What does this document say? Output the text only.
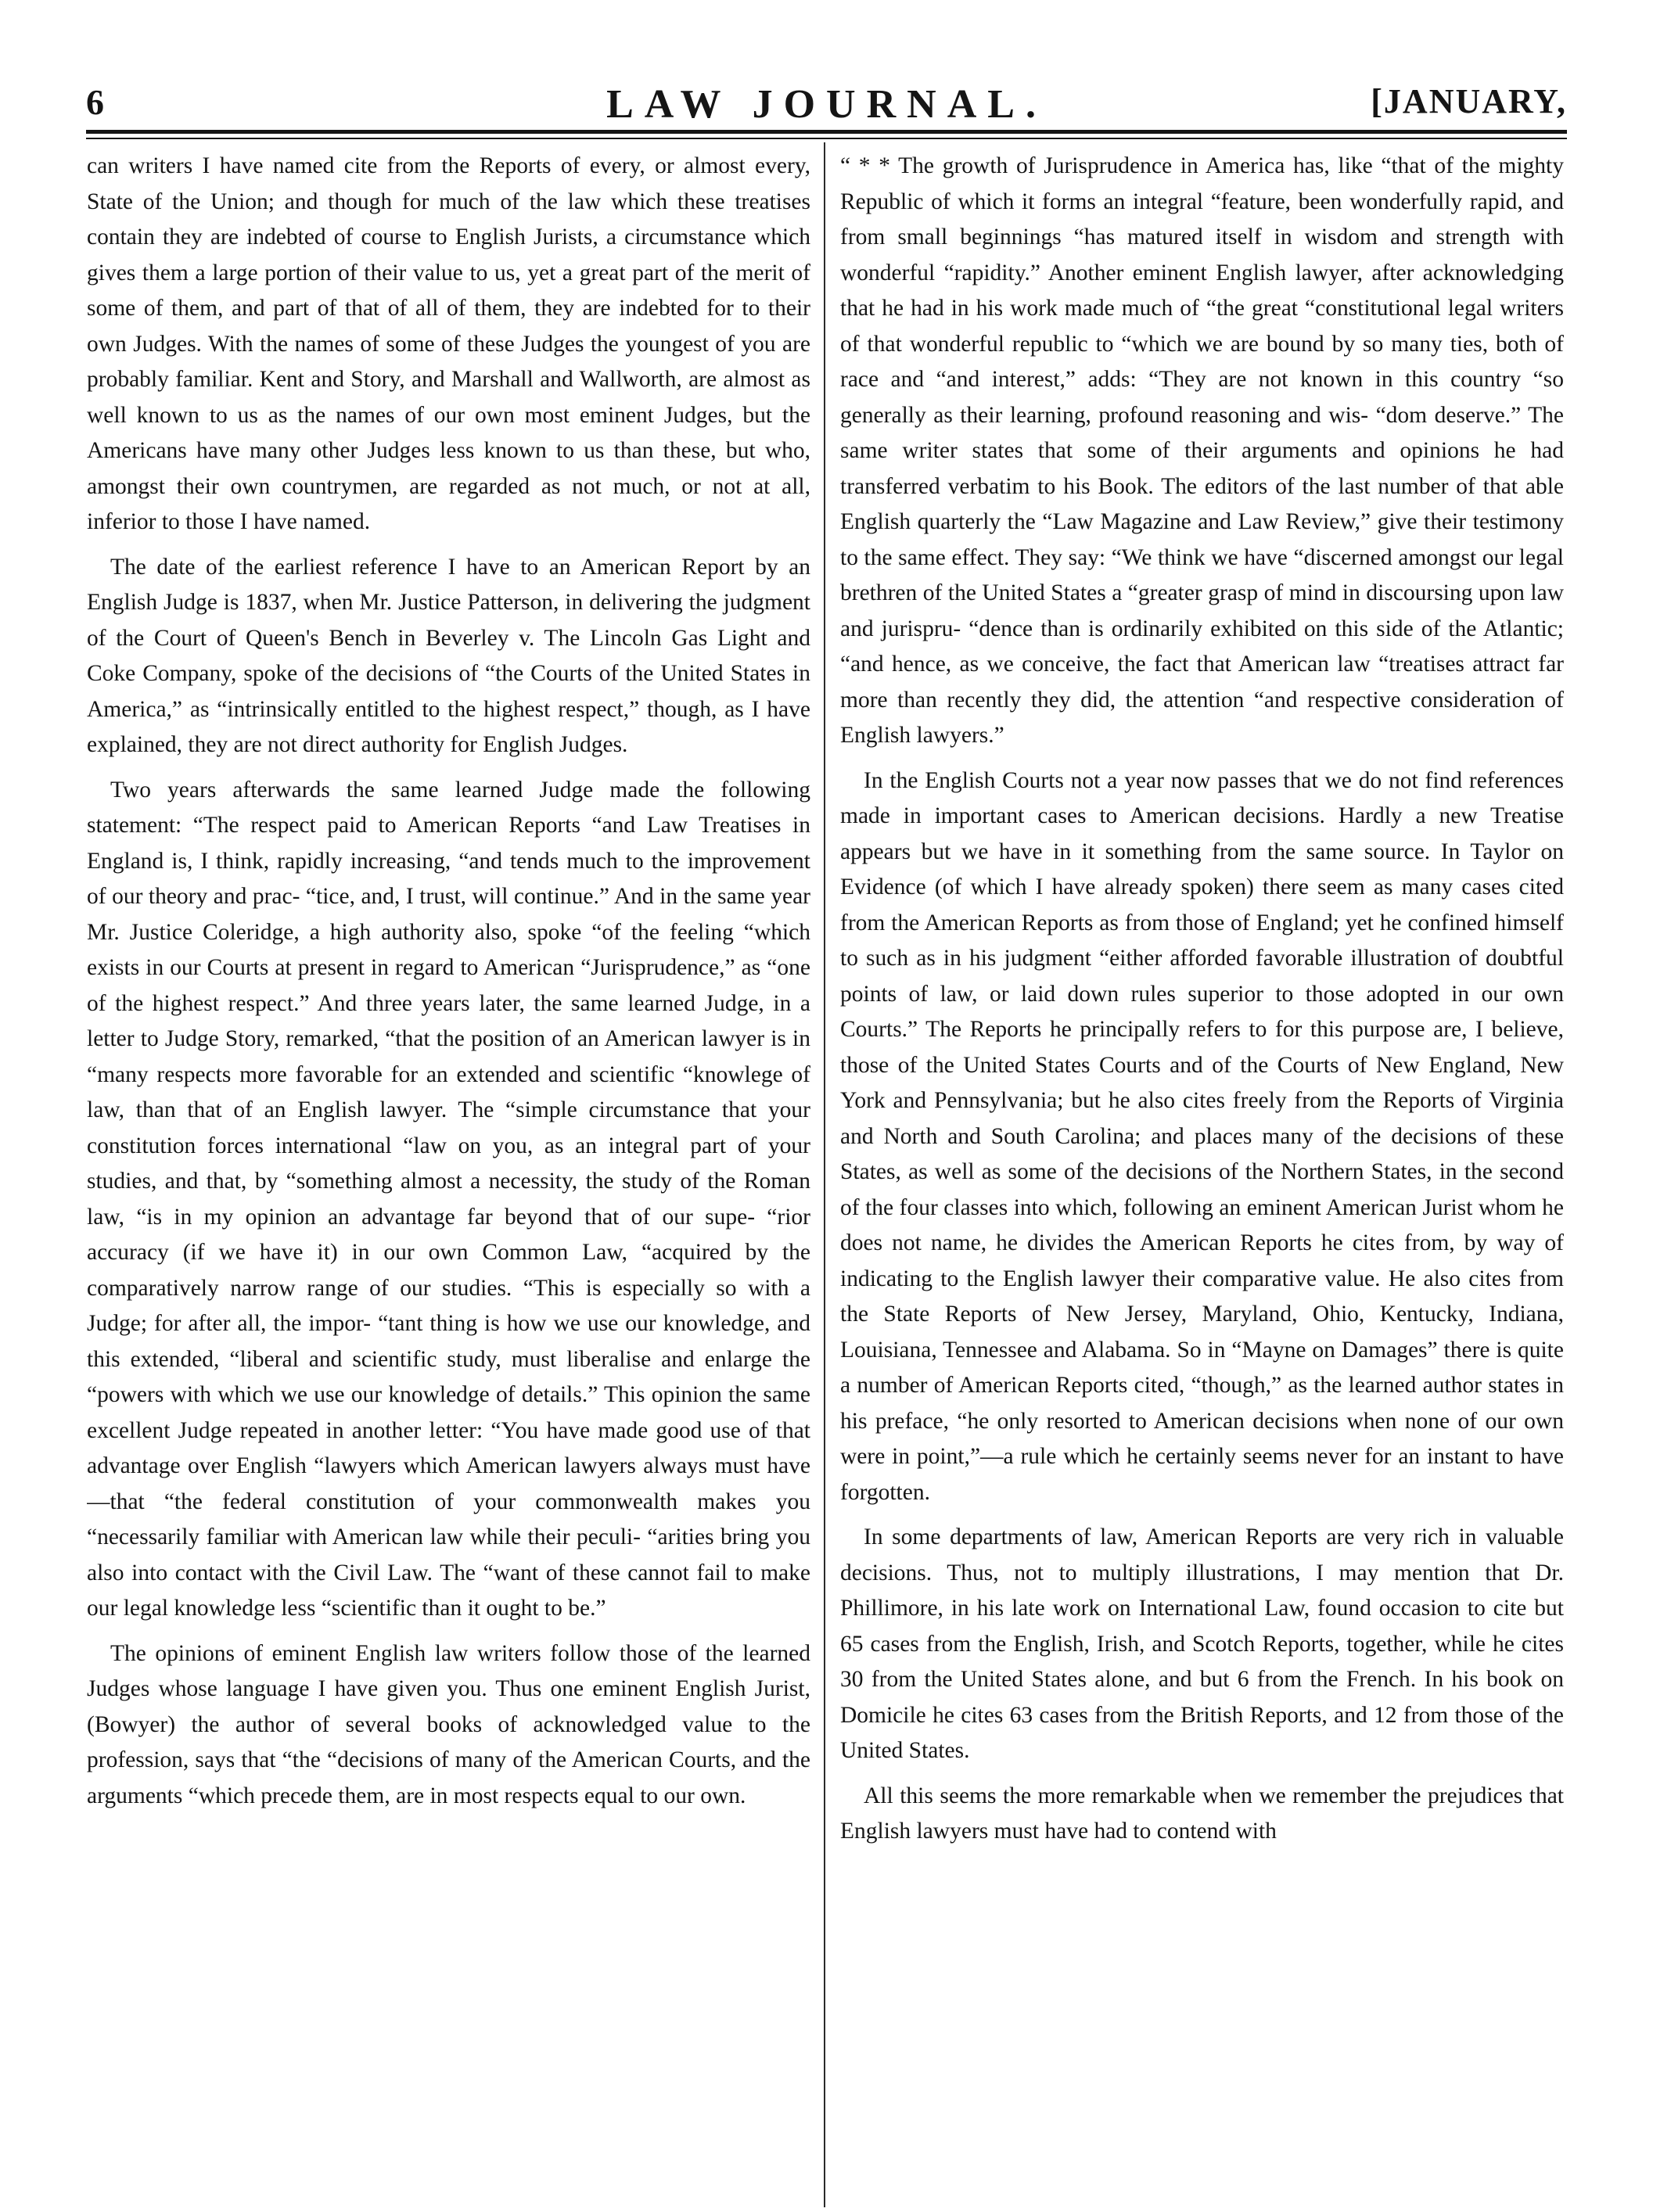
6	LAW JOURNAL.	[JANUARY,

can writers I have named cite from the Reports of every, or almost every, State of the Union; and though for much of the law which these treatises contain they are indebted of course to English Jurists, a circumstance which gives them a large portion of their value to us, yet a great part of the merit of some of them, and part of that of all of them, they are indebted for to their own Judges. With the names of some of these Judges the youngest of you are probably familiar. Kent and Story, and Marshall and Wallworth, are almost as well known to us as the names of our own most eminent Judges, but the Americans have many other Judges less known to us than these, but who, amongst their own countrymen, are regarded as not much, or not at all, inferior to those I have named.

The date of the earliest reference I have to an American Report by an English Judge is 1837, when Mr. Justice Patterson, in delivering the judgment of the Court of Queen's Bench in Beverley v. The Lincoln Gas Light and Coke Company, spoke of the decisions of “the Courts of the United States in America,” as “intrinsically entitled to the highest respect,” though, as I have explained, they are not direct authority for English Judges.

Two years afterwards the same learned Judge made the following statement: “The respect paid to American Reports “and Law Treatises in England is, I think, rapidly increasing, “and tends much to the improvement of our theory and prac- “tice, and, I trust, will continue.” And in the same year Mr. Justice Coleridge, a high authority also, spoke “of the feeling “which exists in our Courts at present in regard to American “Jurisprudence,” as “one of the highest respect.” And three years later, the same learned Judge, in a letter to Judge Story, remarked, “that the position of an American lawyer is in “many respects more favorable for an extended and scientific “knowlege of law, than that of an English lawyer. The “simple circumstance that your constitution forces international “law on you, as an integral part of your studies, and that, by “something almost a necessity, the study of the Roman law, “is in my opinion an advantage far beyond that of our supe- “rior accuracy (if we have it) in our own Common Law, “acquired by the comparatively narrow range of our studies. “This is especially so with a Judge; for after all, the impor- “tant thing is how we use our knowledge, and this extended, “liberal and scientific study, must liberalise and enlarge the “powers with which we use our knowledge of details.” This opinion the same excellent Judge repeated in another letter: “You have made good use of that advantage over English “lawyers which American lawyers always must have—that “the federal constitution of your commonwealth makes you “necessarily familiar with American law while their peculi- “arities bring you also into contact with the Civil Law. The “want of these cannot fail to make our legal knowledge less “scientific than it ought to be.”

The opinions of eminent English law writers follow those of the learned Judges whose language I have given you. Thus one eminent English Jurist, (Bowyer) the author of several books of acknowledged value to the profession, says that “the “decisions of many of the American Courts, and the arguments “which precede them, are in most respects equal to our own.

“ * * The growth of Jurisprudence in America has, like “that of the mighty Republic of which it forms an integral “feature, been wonderfully rapid, and from small beginnings “has matured itself in wisdom and strength with wonderful “rapidity.” Another eminent English lawyer, after acknowledging that he had in his work made much of “the great “constitutional legal writers of that wonderful republic to “which we are bound by so many ties, both of race and “and interest,” adds: “They are not known in this country “so generally as their learning, profound reasoning and wis- “dom deserve.” The same writer states that some of their arguments and opinions he had transferred verbatim to his Book. The editors of the last number of that able English quarterly the “Law Magazine and Law Review,” give their testimony to the same effect. They say: “We think we have “discerned amongst our legal brethren of the United States a “greater grasp of mind in discoursing upon law and jurispru- “dence than is ordinarily exhibited on this side of the Atlantic; “and hence, as we conceive, the fact that American law “treatises attract far more than recently they did, the attention “and respective consideration of English lawyers.”

In the English Courts not a year now passes that we do not find references made in important cases to American decisions. Hardly a new Treatise appears but we have in it something from the same source. In Taylor on Evidence (of which I have already spoken) there seem as many cases cited from the American Reports as from those of England; yet he confined himself to such as in his judgment “either afforded favorable illustration of doubtful points of law, or laid down rules superior to those adopted in our own Courts.” The Reports he principally refers to for this purpose are, I believe, those of the United States Courts and of the Courts of New England, New York and Pennsylvania; but he also cites freely from the Reports of Virginia and North and South Carolina; and places many of the decisions of these States, as well as some of the decisions of the Northern States, in the second of the four classes into which, following an eminent American Jurist whom he does not name, he divides the American Reports he cites from, by way of indicating to the English lawyer their comparative value. He also cites from the State Reports of New Jersey, Maryland, Ohio, Kentucky, Indiana, Louisiana, Tennessee and Alabama. So in “Mayne on Damages” there is quite a number of American Reports cited, “though,” as the learned author states in his preface, “he only resorted to American decisions when none of our own were in point,”—a rule which he certainly seems never for an instant to have forgotten.

In some departments of law, American Reports are very rich in valuable decisions. Thus, not to multiply illustrations, I may mention that Dr. Phillimore, in his late work on International Law, found occasion to cite but 65 cases from the English, Irish, and Scotch Reports, together, while he cites 30 from the United States alone, and but 6 from the French. In his book on Domicile he cites 63 cases from the British Reports, and 12 from those of the United States.

All this seems the more remarkable when we remember the prejudices that English lawyers must have had to contend with
